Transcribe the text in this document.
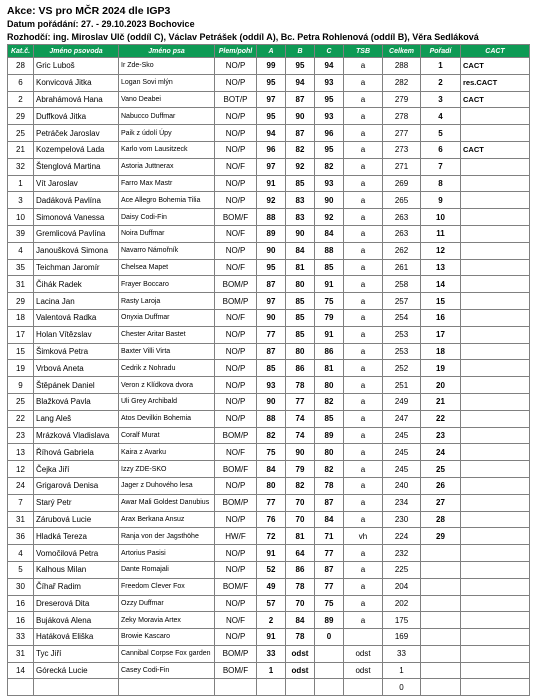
Akce: VS pro MČR 2024 dle IGP3
Datum pořádání: 27. - 29.10.2023 Bochovice
Rozhodčí: ing. Miroslav Ulč (oddíl C), Václav Petrášek (oddíl A), Bc. Petra Rohlenová (oddíl B), Věra Sedláková
Kat.č.	Jméno psovoda	Jméno psa	Plem/pohl	A	B	C	TSB	Celkem	Pořadí	CACT
28	Gric Luboš	Ir Zde-Sko	NO/P	99	95	94	a	288	1	CACT
6	Konvicová Jitka	Logan Sovi mlýn	NO/P	95	94	93	a	282	2	res.CACT
2	Abrahámová Hana	Vano Deabei	BOT/P	97	87	95	a	279	3	CACT
29	Duffková Jitka	Nabucco Duffmar	NO/P	95	90	93	a	278	4	
25	Petráček Jaroslav	Paik z údolí Úpy	NO/P	94	87	96	a	277	5	
21	Kozempelová Lada	Karlo vom Lausitzeck	NO/P	96	82	95	a	273	6	CACT
32	Štenglová Martina	Astoria Juttnerax	NO/F	97	92	82	a	271	7	
1	Vít Jaroslav	Farro Max Mastr	NO/P	91	85	93	a	269	8	
3	Dadáková Pavlína	Ace Allegro Bohemia Tilia	NO/P	92	83	90	a	265	9	
10	Simonová Vanessa	Daisy Codi-Fin	BOM/F	88	83	92	a	263	10	
39	Gremlicová Pavlína	Noira Duffmar	NO/F	89	90	84	a	263	11	
4	Janoušková Simona	Navarro Námořník	NO/P	90	84	88	a	262	12	
35	Teichman Jaromír	Chelsea Mapet	NO/F	95	81	85	a	261	13	
31	Čihák Radek	Frayer Boccaro	BOM/P	87	80	91	a	258	14	
29	Lacina Jan	Rasty Laroja	BOM/P	97	85	75	a	257	15	
18	Valentová Radka	Onyxia Duffmar	NO/F	90	85	79	a	254	16	
17	Holan Vítězslav	Chester Aritar Bastet	NO/P	77	85	91	a	253	17	
15	Šimková Petra	Baxter Villi Virta	NO/P	87	80	86	a	253	18	
19	Vrbová Aneta	Cedrik z Nohradu	NO/P	85	86	81	a	252	19	
9	Štěpánek Daniel	Veron z Klídkova dvora	NO/P	93	78	80	a	251	20	
25	Blažková Pavla	Uli Grey Archibald	NO/P	90	77	82	a	249	21	
22	Lang Aleš	Atos Devilkin Bohemia	NO/P	88	74	85	a	247	22	
23	Mrázková Vladislava	Coralf Murat	BOM/P	82	74	89	a	245	23	
13	Říhová Gabriela	Kaira z Avarku	NO/F	75	90	80	a	245	24	
12	Čejka Jiří	Izzy ZDE-SKO	BOM/F	84	79	82	a	245	25	
24	Grigarová Denisa	Jager z Duhového lesa	NO/P	80	82	78	a	240	26	
7	Starý Petr	Awar Mali Goldest Danubius	BOM/P	77	70	87	a	234	27	
31	Zárubová Lucie	Arax Berkana Ansuz	NO/P	76	70	84	a	230	28	
36	Hladká Tereza	Ranja von der Jagsthöhe	HW/F	72	81	71	vh	224	29	
4	Vomočilová Petra	Artorius Pasisi	NO/P	91	64	77	a	232		
5	Kalhous Milan	Dante Romajali	NO/P	52	86	87	a	225		
30	Číhař Radim	Freedom Clever Fox	BOM/F	49	78	77	a	204		
16	Dreserová Dita	Ozzy Duffmar	NO/P	57	70	75	a	202		
16	Bujáková Alena	Zeky Moravia Artex	NO/F	2	84	89	a	175		
33	Hatáková Eliška	Browie Kascaro	NO/P	91	78	0		169		
31	Tyc Jiří	Cannibal Corpse Fox garden	BOM/P	33	odst		odst	33		
14	Górecká Lucie	Casey Codi-Fin	BOM/F	1	odst		odst	1		
								0		
